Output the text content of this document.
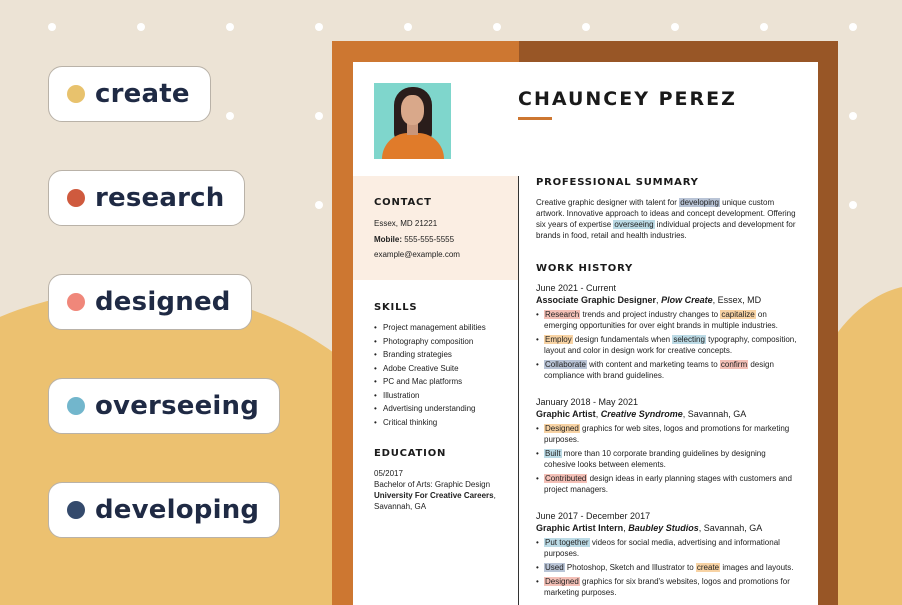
create
research
designed
overseeing
developing
CHAUNCEY PEREZ
CONTACT
Essex, MD 21221
Mobile: 555-555-5555
example@example.com
SKILLS
• Project management abilities
• Photography composition
• Branding strategies
• Adobe Creative Suite
• PC and Mac platforms
• Illustration
• Advertising understanding
• Critical thinking
EDUCATION
05/2017
Bachelor of Arts: Graphic Design
University For Creative Careers,
Savannah, GA
PROFESSIONAL SUMMARY
Creative graphic designer with talent for developing unique custom artwork. Innovative approach to ideas and concept development. Offering six years of expertise overseeing individual projects and development for brands in food, retail and health industries.
WORK HISTORY
June 2021 - Current
Associate Graphic Designer, Plow Create, Essex, MD
• Research trends and project industry changes to capitalize on emerging opportunities for over eight brands in multiple industries.
• Employ design fundamentals when selecting typography, composition, layout and color in design work for creative concepts.
• Collaborate with content and marketing teams to confirm design compliance with brand guidelines.
January 2018 - May 2021
Graphic Artist, Creative Syndrome, Savannah, GA
• Designed graphics for web sites, logos and promotions for marketing purposes.
• Built more than 10 corporate branding guidelines by designing cohesive looks between elements.
• Contributed design ideas in early planning stages with customers and project managers.
June 2017 - December 2017
Graphic Artist Intern, Baubley Studios, Savannah, GA
• Put together videos for social media, advertising and informational purposes.
• Used Photoshop, Sketch and Illustrator to create images and layouts.
• Designed graphics for six brand's websites, logos and promotions for marketing purposes.
